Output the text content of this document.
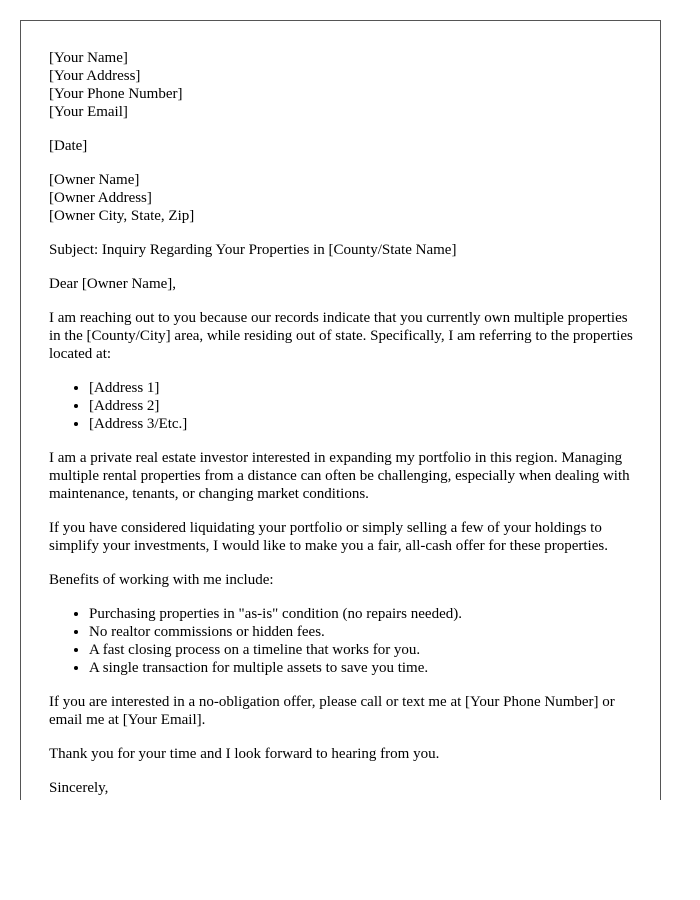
[Your Name]
[Your Address]
[Your Phone Number]
[Your Email]
[Date]
[Owner Name]
[Owner Address]
[Owner City, State, Zip]

Subject: Inquiry Regarding Your Properties in [County/State Name]

Dear [Owner Name],

I am reaching out to you because our records indicate that you currently own multiple properties in the [County/City] area, while residing out of state. Specifically, I am referring to the properties located at:

• [Address 1]
• [Address 2]
• [Address 3/Etc.]

I am a private real estate investor interested in expanding my portfolio in this region. Managing multiple rental properties from a distance can often be challenging, especially when dealing with maintenance, tenants, or changing market conditions.

If you have considered liquidating your portfolio or simply selling a few of your holdings to simplify your investments, I would like to make you a fair, all-cash offer for these properties.

Benefits of working with me include:

• Purchasing properties in "as-is" condition (no repairs needed).
• No realtor commissions or hidden fees.
• A fast closing process on a timeline that works for you.
• A single transaction for multiple assets to save you time.

If you are interested in a no-obligation offer, please call or text me at [Your Phone Number] or email me at [Your Email].

Thank you for your time and I look forward to hearing from you.

Sincerely,
